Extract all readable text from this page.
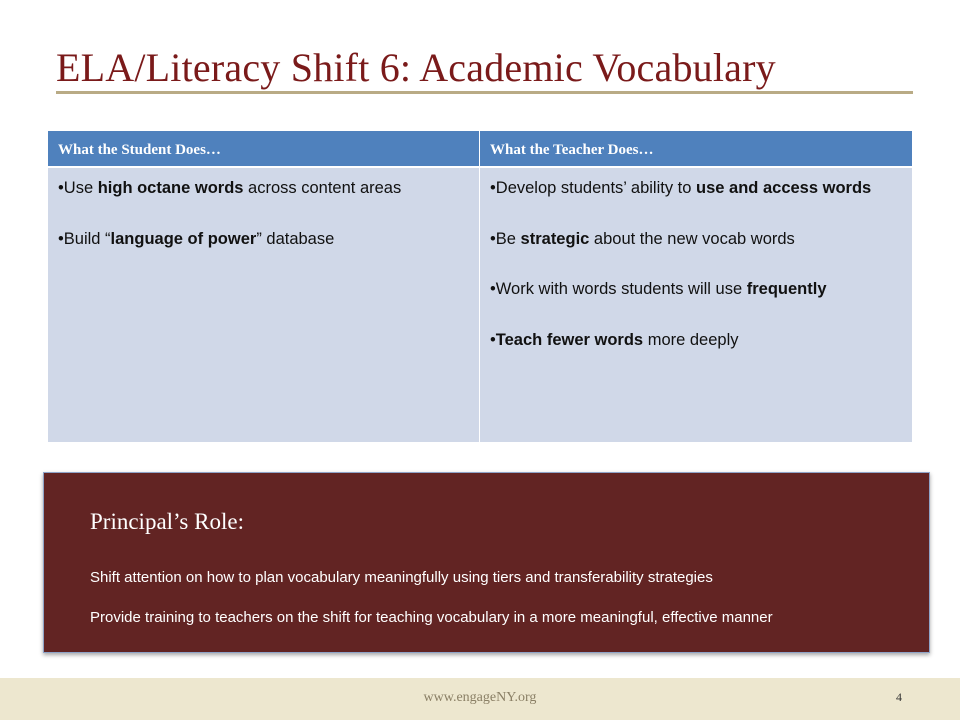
ELA/Literacy Shift 6: Academic Vocabulary
What the Student Does…	What the Teacher Does…

•Use high octane words across content areas

•Build “language of power” database

•Develop students’ ability to use and access words

•Be strategic about the new vocab words

•Work with words students will use frequently

•Teach fewer words more deeply

Principal’s Role:
Shift attention on how to plan vocabulary meaningfully using tiers and transferability strategies
Provide training to teachers on the shift for teaching vocabulary in a more meaningful, effective manner
www.engageNY.org	4
